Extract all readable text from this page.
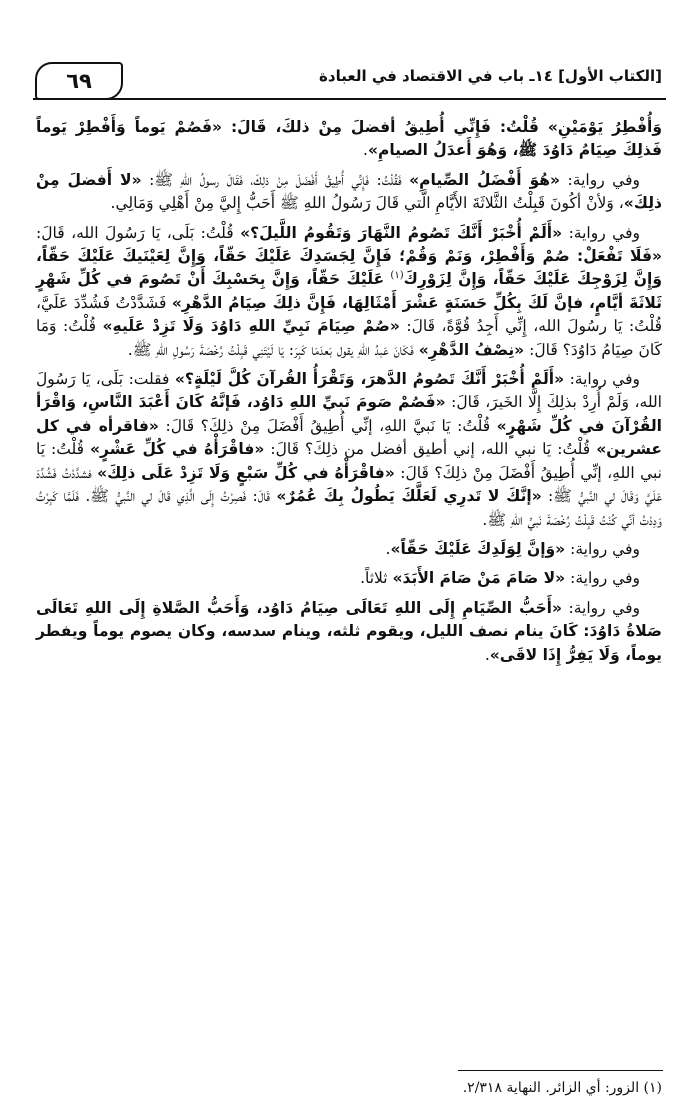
[الكتاب الأول] ١٤ـ باب في الاقتصاد في العبادة
٦٩

وَأُفْطِرُ يَوْمَيْنِ» قُلْتُ: فَإِنِّي أُطِيقُ أفضلَ مِنْ ذلكَ، قَالَ: «فَصُمْ يَوماً وَأَفْطِرْ يَوماً فَذلِكَ صِيَامُ دَاوُدَ ﷺ، وَهُوَ أَعدَلُ الصيامِ».

وفي رواية: «هُوَ أَفْضَلُ الصِّيامِ» فَقُلْتُ: فَإِنِّي أُطِيقُ أَفْضَلَ مِنْ ذلِكَ، فَقَالَ رسولُ اللهِ ﷺ: «لا أَفضلَ مِنْ ذلِكَ»، وَلأنْ أكُونَ قَبِلْتُ الثَّلاثَةَ الأَيَّامِ الَّتي قَالَ رَسُولُ اللهِ ﷺ أَحَبُّ إِليَّ مِنْ أَهْلِي وَمَالِي.

وفي رواية: «أَلَمْ أُخْبَرْ أَنَّكَ تَصُومُ النَّهَارَ وَتَقُومُ اللَّيلَ؟» قُلْتُ: بَلَى، يَا رَسُولَ الله، قَالَ: «فَلَا تَفْعَلْ: صُمْ وَأَفْطِرْ، وَنَمْ وَقُمْ؛ فَإِنَّ لِجَسَدِكَ عَلَيْكَ حَقّاً، وَإِنَّ لِعَيْنَيكَ عَلَيْكَ حَقّاً، وَإِنَّ لِزَوْجِكَ عَلَيْكَ حَقّاً، وَإِنَّ لِزَوْرِكَ$^{(١)}$ عَلَيْكَ حَقّاً، وَإِنَّ بِحَسْبِكَ أَنْ تَصُومَ في كُلِّ شَهْرٍ ثَلاثَةَ أيَّامٍ، فإنَّ لَكَ بِكُلِّ حَسَنَةٍ عَشْرَ أَمْثَالِهَا، فَإِنَّ ذلِكَ صِيَامُ الدَّهْرِ» فَشَدَّدْتُ فَشُدِّدَ عَلَيَّ، قُلْتُ: يَا رسُولَ الله، إِنِّي أَجِدُ قُوَّةً، قَالَ: «صُمْ صِيَامَ نَبِيِّ اللهِ دَاوُدَ وَلَا تَزِدْ عَلَيهِ» قُلْتُ: وَمَا كَانَ صِيَامُ دَاوُدَ؟ قَالَ: «نِصْفُ الدَّهْرِ» فَكَانَ عَبدُ اللهِ يقول بَعدَمَا كَبِرَ: يَا لَيْتَنِي قَبِلْتُ رُخْصَةَ رَسُولِ اللهِ ﷺ.

وفي رواية: «أَلَمْ أُخْبَرْ أَنَّكَ تَصُومُ الدَّهرَ، وَتَقْرَأُ القُرآنَ كُلَّ لَيْلَةٍ؟» فقلت: بَلَى، يَا رَسُولَ الله، وَلَمْ أُرِدْ بذلِكَ إِلَّا الخَيرَ، قَالَ: «فَصُمْ صَومَ نَبيِّ اللهِ دَاوُد، فَإنَّهُ كَانَ أَعْبَدَ النَّاسِ، وَاقْرَأ القُرْآنَ في كُلِّ شَهْرٍ» قُلْتُ: يَا نَبيَّ اللهِ، إنِّي أُطِيقُ أَفْضَلَ مِنْ ذلِكَ؟ قَالَ: «فاقرأه في كل عشرين» قُلْتُ: يَا نبي الله، إني أطيق أفضل من ذلِكَ؟ قَالَ: «فاقْرَأْهُ في كُلِّ عَشْرٍ» قُلْتُ: يَا نبي اللهِ، إنِّي أُطِيقُ أَفْضَلَ مِنْ ذلِكَ؟ قَالَ: «فاقْرَأْهُ في كُلِّ سَبْعٍ وَلَا تَزِدْ عَلَى ذلِكَ» فشدَّدْتُ فَشُدِّدَ عَلَيَّ وَقَالَ لي النَّبيُّ ﷺ: «إنَّكَ لا تَدرِي لَعَلَّكَ يَطُولُ بِكَ عُمُرٌ» قَالَ: فَصِرْتُ إِلَى الَّذِي قَالَ لي النَّبيُّ ﷺ. فَلَمَّا كَبِرْتُ وَدِدْتُ أنِّي كُنْتُ قَبِلْتُ رُخْصَةَ نَبيِّ اللهِ ﷺ.

وفي رواية: «وَإنَّ لِوَلَدِكَ عَلَيْكَ حَقّاً».

وفي رواية: «لا صَامَ مَنْ صَامَ الأَبَدَ» ثلاثاً.

وفي رواية: «أَحَبُّ الصِّيَامِ إِلَى اللهِ تَعَالَى صِيَامُ دَاوُد، وَأَحَبُّ الصَّلاةِ إِلَى اللهِ تَعَالَى صَلاةُ دَاوُدَ: كَانَ ينام نصف الليل، ويقوم ثلثه، وينام سدسه، وكان يصوم يوماً ويفطر يوماً، وَلَا يَفِرُّ إِذَا لاقَى».

(١) الزور: أي الزائر. النهاية ٢/٣١٨.
